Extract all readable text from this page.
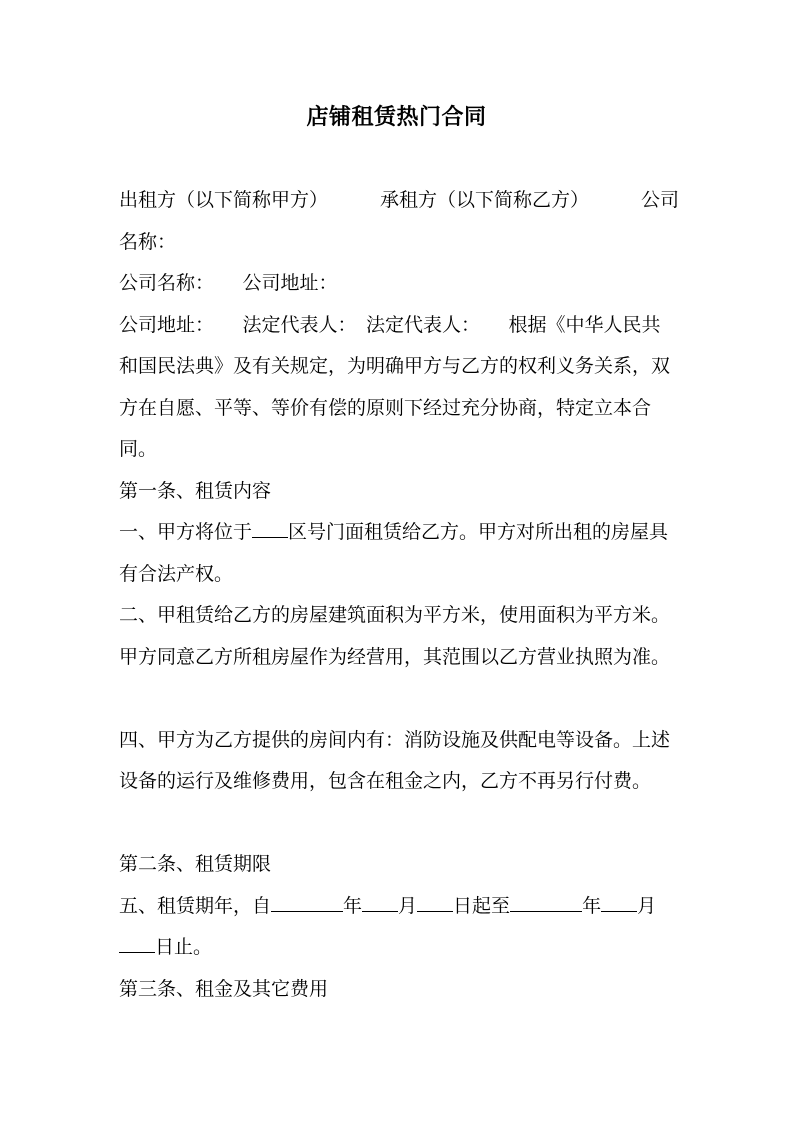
店铺租赁热门合同
出租方（以下简称甲方）	承租方（以下简称乙方）	公司

名称：

公司名称：　　公司地址：

公司地址：　　法定代表人：　法定代表人：　　根据《中华人民共和国民法典》及有关规定，为明确甲方与乙方的权利义务关系，双方在自愿、平等、等价有偿的原则下经过充分协商，特定立本合同。

第一条、租赁内容

一、甲方将位于 区号门面租赁给乙方。甲方对所出租的房屋具有合法产权。

二、甲租赁给乙方的房屋建筑面积为平方米，使用面积为平方米。甲方同意乙方所租房屋作为经营用，其范围以乙方营业执照为准。

四、甲方为乙方提供的房间内有：消防设施及供配电等设备。上述设备的运行及维修费用，包含在租金之内，乙方不再另行付费。

第二条、租赁期限

五、租赁期年，自	年 月 日起至	年 月日止。

第三条、租金及其它费用
